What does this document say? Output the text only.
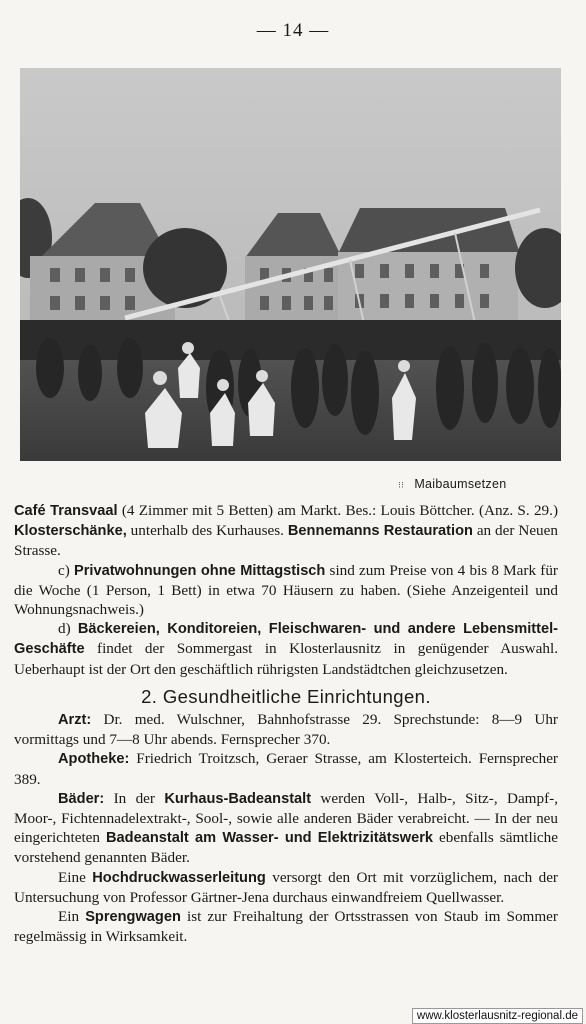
— 14 —
⁝⁝ Maibaumsetzen

Café Transvaal (4 Zimmer mit 5 Betten) am Markt. Bes.: Louis Böttcher. (Anz. S. 29.) Klosterschänke, unterhalb des Kurhauses. Bennemanns Restauration an der Neuen Strasse.

c) Privatwohnungen ohne Mittagstisch sind zum Preise von 4 bis 8 Mark für die Woche (1 Person, 1 Bett) in etwa 70 Häusern zu haben. (Siehe Anzeigenteil und Wohnungsnachweis.)

d) Bäckereien, Konditoreien, Fleischwaren- und andere Lebensmittel-Geschäfte findet der Sommergast in Klosterlausnitz in genügender Auswahl. Ueberhaupt ist der Ort den geschäftlich rührigsten Landstädtchen gleichzusetzen.

2. Gesundheitliche Einrichtungen.

Arzt: Dr. med. Wulschner, Bahnhofstrasse 29. Sprechstunde: 8—9 Uhr vormittags und 7—8 Uhr abends. Fernsprecher 370.

Apotheke: Friedrich Troitzsch, Geraer Strasse, am Klosterteich. Fernsprecher 389.

Bäder: In der Kurhaus-Badeanstalt werden Voll-, Halb-, Sitz-, Dampf-, Moor-, Fichtennadelextrakt-, Sool-, sowie alle anderen Bäder verabreicht. — In der neu eingerichteten Badeanstalt am Wasser- und Elektrizitätswerk ebenfalls sämtliche vorstehend genannten Bäder.

Eine Hochdruckwasserleitung versorgt den Ort mit vorzüglichem, nach der Untersuchung von Professor Gärtner-Jena durchaus einwandfreiem Quellwasser.

Ein Sprengwagen ist zur Freihaltung der Ortsstrassen von Staub im Sommer regelmässig in Wirksamkeit.

www.klosterlausnitz-regional.de
